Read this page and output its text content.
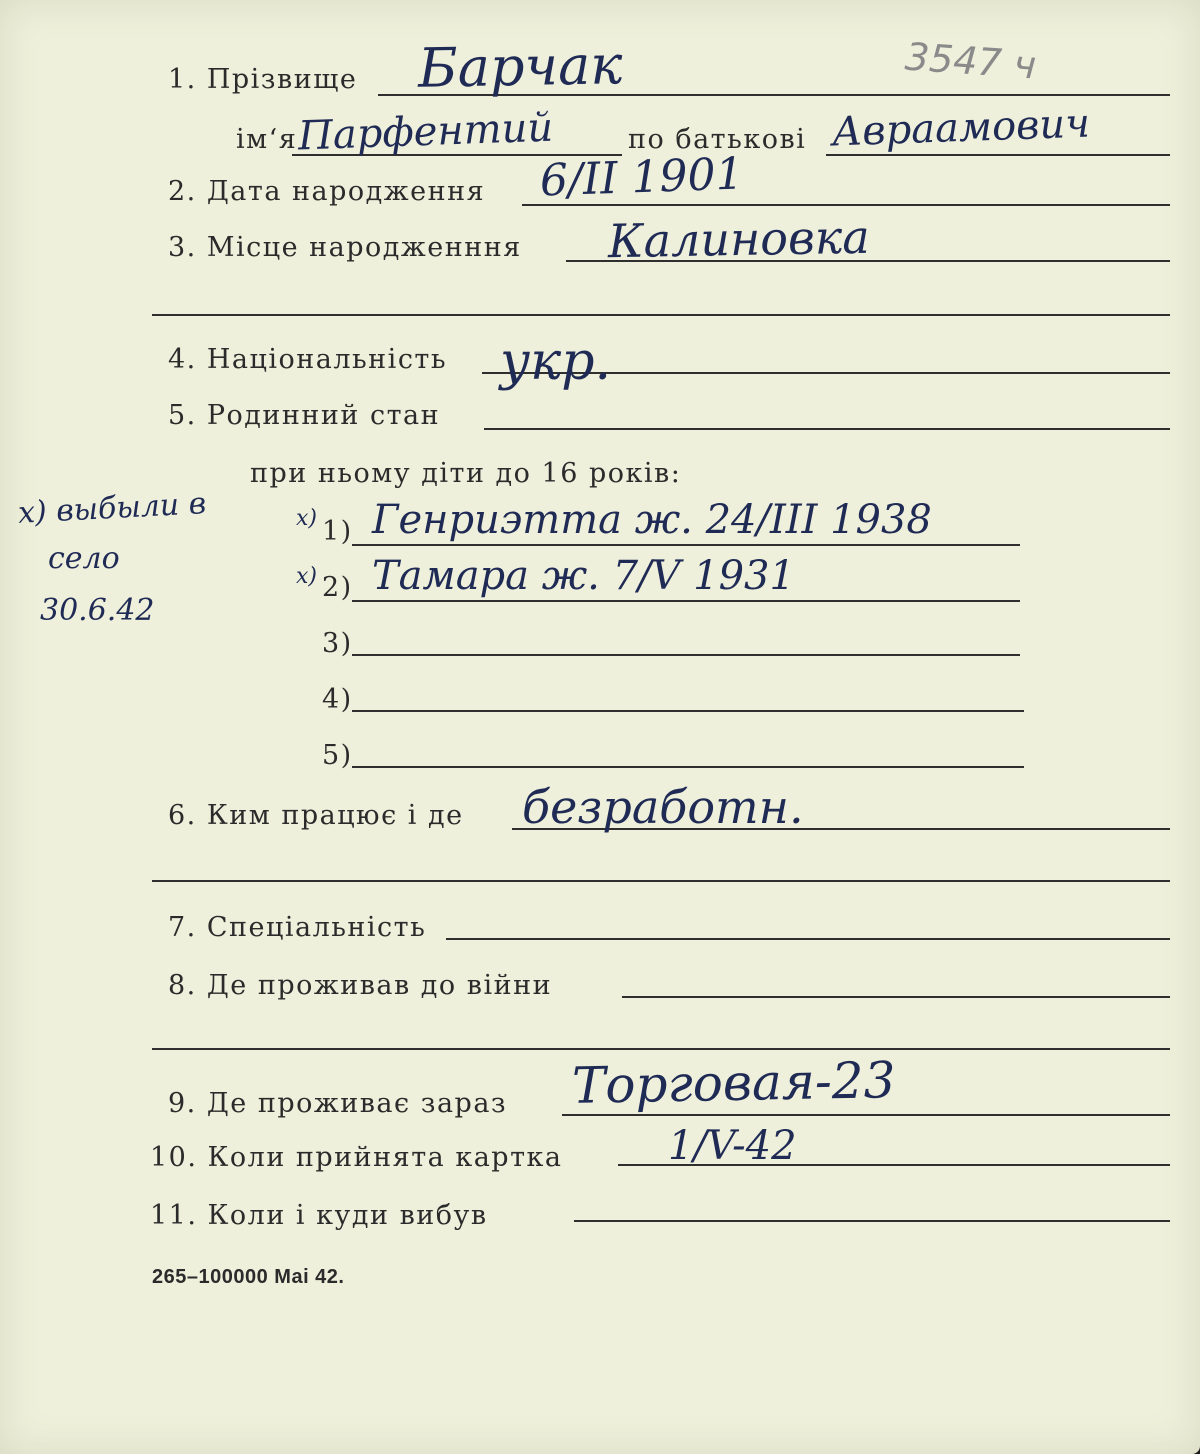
3547 ч
1. Прізвище Барчак
ім‘я Парфентий	по батькові Авраамович
2. Дата народження 6/II 1901
3. Місце народженння Калиновка
4. Національність укр.
5. Родинний стан
при ньому діти до 16 років:
x) выбыли в
село
30.6.42
x) 1) Генриэтта ж. 24/III 1938
x) 2) Тамара ж. 7/V 1931
3)
4)
5)
6. Ким працює і де безработн.
7. Спеціальність
8. Де проживав до війни
9. Де проживає зараз Торговая-23
10. Коли прийнята картка	1/V-42
11. Коли і куди вибув
265–100000 Mai 42.
